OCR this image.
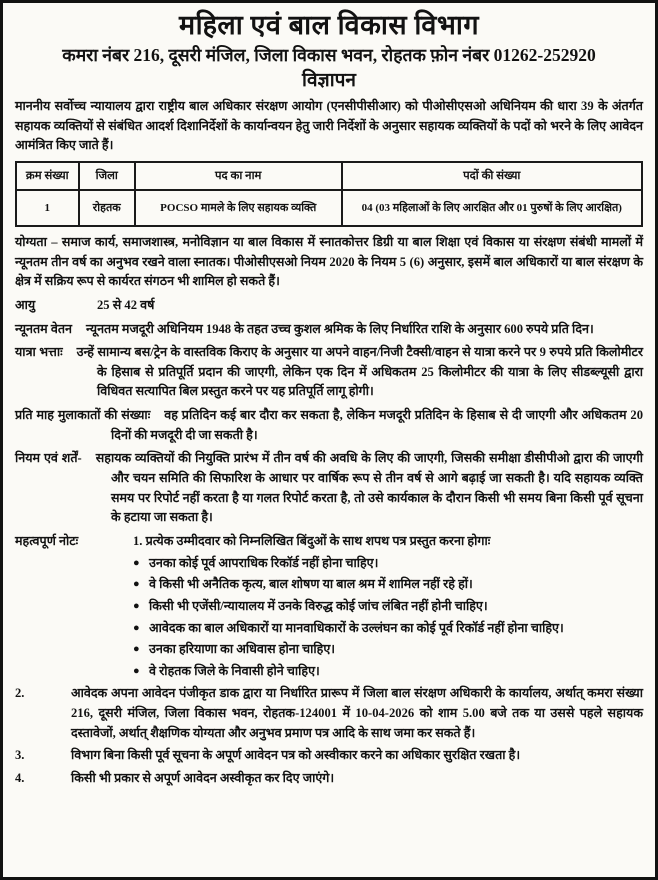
महिला एवं बाल विकास विभाग
कमरा नंबर 216, दूसरी मंजिल, जिला विकास भवन, रोहतक फ़ोन नंबर 01262-252920
विज्ञापन

माननीय सर्वोच्च न्यायालय द्वारा राष्ट्रीय बाल अधिकार संरक्षण आयोग (एनसीपीसीआर) को पीओसीएसओ अधिनियम की धारा 39 के अंतर्गत सहायक व्यक्तियों से संबंधित आदर्श दिशानिर्देशों के कार्यान्वयन हेतु जारी निर्देशों के अनुसार सहायक व्यक्तियों के पदों को भरने के लिए आवेदन आमंत्रित किए जाते हैं।

क्रम संख्या	जिला	पद का नाम	पदों की संख्या
1	रोहतक	POCSO मामले के लिए सहायक व्यक्ति	04 (03 महिलाओं के लिए आरक्षित और 01 पुरुषों के लिए आरक्षित)

योग्यता – समाज कार्य, समाजशास्त्र, मनोविज्ञान या बाल विकास में स्नातकोत्तर डिग्री या बाल शिक्षा एवं विकास या संरक्षण संबंधी मामलों में न्यूनतम तीन वर्ष का अनुभव रखने वाला स्नातक। पीओसीएसओ नियम 2020 के नियम 5 (6) अनुसार, इसमें बाल अधिकारों या बाल संरक्षण के क्षेत्र में सक्रिय रूप से कार्यरत संगठन भी शामिल हो सकते हैं।

आयु	25 से 42 वर्ष

न्यूनतम वेतन न्यूनतम मजदूरी अधिनियम 1948 के तहत उच्च कुशल श्रमिक के लिए निर्धारित राशि के अनुसार 600 रुपये प्रति दिन।

यात्रा भत्ताः उन्हें सामान्य बस/ट्रेन के वास्तविक किराए के अनुसार या अपने वाहन/निजी टैक्सी/वाहन से यात्रा करने पर 9 रुपये प्रति किलोमीटर के हिसाब से प्रतिपूर्ति प्रदान की जाएगी, लेकिन एक दिन में अधिकतम 25 किलोमीटर की यात्रा के लिए सीडब्ल्यूसी द्वारा विधिवत सत्यापित बिल प्रस्तुत करने पर यह प्रतिपूर्ति लागू होगी।

प्रति माह मुलाकातों की संख्याः वह प्रतिदिन कई बार दौरा कर सकता है, लेकिन मजदूरी प्रतिदिन के हिसाब से दी जाएगी और अधिकतम 20 दिनों की मजदूरी दी जा सकती है।

नियम एवं शर्तें- सहायक व्यक्तियों की नियुक्ति प्रारंभ में तीन वर्ष की अवधि के लिए की जाएगी, जिसकी समीक्षा डीसीपीओ द्वारा की जाएगी और चयन समिति की सिफारिश के आधार पर वार्षिक रूप से तीन वर्ष से आगे बढ़ाई जा सकती है। यदि सहायक व्यक्ति समय पर रिपोर्ट नहीं करता है या गलत रिपोर्ट करता है, तो उसे कार्यकाल के दौरान किसी भी समय बिना किसी पूर्व सूचना के हटाया जा सकता है।

महत्वपूर्ण नोटः	1. प्रत्येक उम्मीदवार को निम्नलिखित बिंदुओं के साथ शपथ पत्र प्रस्तुत करना होगाः
● उनका कोई पूर्व आपराधिक रिकॉर्ड नहीं होना चाहिए।
● वे किसी भी अनैतिक कृत्य, बाल शोषण या बाल श्रम में शामिल नहीं रहे हों।
● किसी भी एजेंसी/न्यायालय में उनके विरुद्ध कोई जांच लंबित नहीं होनी चाहिए।
● आवेदक का बाल अधिकारों या मानवाधिकारों के उल्लंघन का कोई पूर्व रिकॉर्ड नहीं होना चाहिए।
● उनका हरियाणा का अधिवास होना चाहिए।
● वे रोहतक जिले के निवासी होने चाहिए।
2.	आवेदक अपना आवेदन पंजीकृत डाक द्वारा या निर्धारित प्रारूप में जिला बाल संरक्षण अधिकारी के कार्यालय, अर्थात् कमरा संख्या 216, दूसरी मंजिल, जिला विकास भवन, रोहतक-124001 में 10-04-2026 को शाम 5.00 बजे तक या उससे पहले सहायक दस्तावेजों, अर्थात् शैक्षणिक योग्यता और अनुभव प्रमाण पत्र आदि के साथ जमा कर सकते हैं।
3.	विभाग बिना किसी पूर्व सूचना के अपूर्ण आवेदन पत्र को अस्वीकार करने का अधिकार सुरक्षित रखता है।
4.	किसी भी प्रकार से अपूर्ण आवेदन अस्वीकृत कर दिए जाएंगे।
